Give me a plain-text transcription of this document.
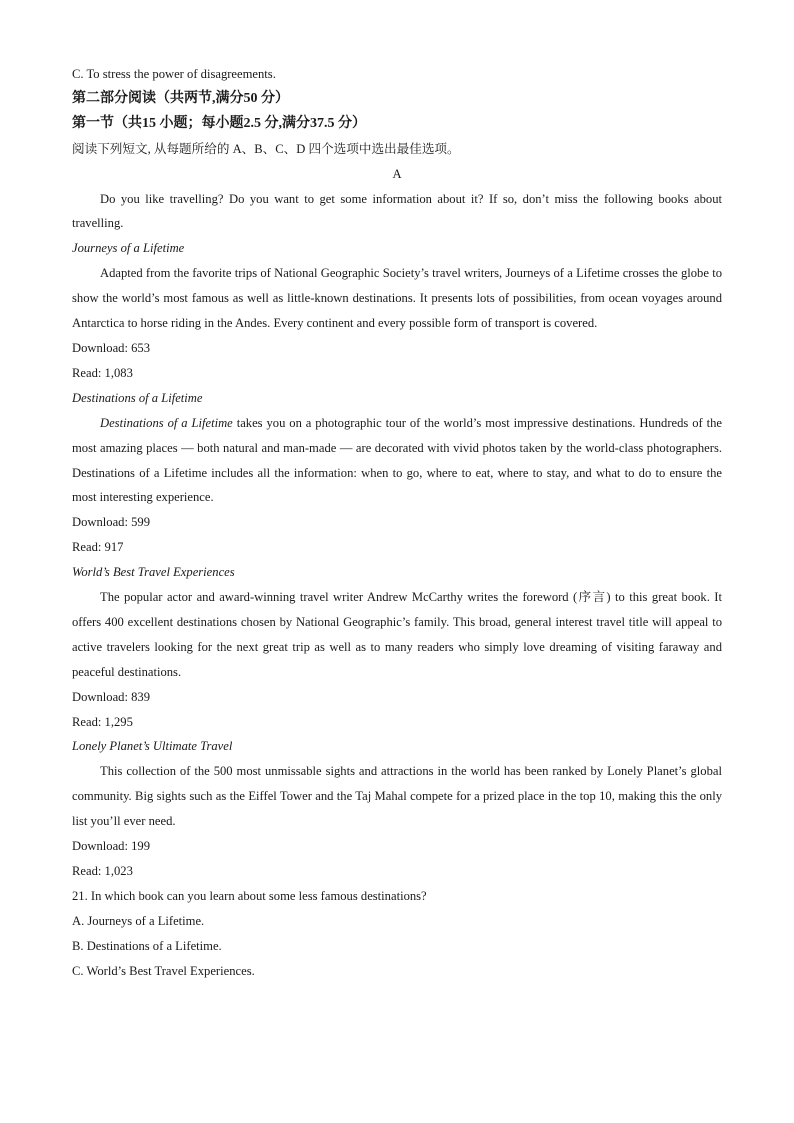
C. To stress the power of disagreements.
第二部分阅读（共两节,满分50 分）
第一节（共15 小题；每小题2.5 分,满分37.5 分）
阅读下列短文, 从每题所给的 A、B、C、D 四个选项中选出最佳选项。
A
Do you like travelling? Do you want to get some information about it? If so, don’t miss the following books about travelling.
Journeys of a Lifetime
Adapted from the favorite trips of National Geographic Society’s travel writers, Journeys of a Lifetime crosses the globe to show the world’s most famous as well as little-known destinations. It presents lots of possibilities, from ocean voyages around Antarctica to horse riding in the Andes. Every continent and every possible form of transport is covered.
Download: 653
Read: 1,083
Destinations of a Lifetime
Destinations of a Lifetime takes you on a photographic tour of the world’s most impressive destinations. Hundreds of the most amazing places — both natural and man-made — are decorated with vivid photos taken by the world-class photographers. Destinations of a Lifetime includes all the information: when to go, where to eat, where to stay, and what to do to ensure the most interesting experience.
Download: 599
Read: 917
World’s Best Travel Experiences
The popular actor and award-winning travel writer Andrew McCarthy writes the foreword (序言) to this great book. It offers 400 excellent destinations chosen by National Geographic’s family. This broad, general interest travel title will appeal to active travelers looking for the next great trip as well as to many readers who simply love dreaming of visiting faraway and peaceful destinations.
Download: 839
Read: 1,295
Lonely Planet’s Ultimate Travel
This collection of the 500 most unmissable sights and attractions in the world has been ranked by Lonely Planet’s global community. Big sights such as the Eiffel Tower and the Taj Mahal compete for a prized place in the top 10, making this the only list you’ll ever need.
Download: 199
Read: 1,023
21. In which book can you learn about some less famous destinations?
A. Journeys of a Lifetime.
B. Destinations of a Lifetime.
C. World’s Best Travel Experiences.
